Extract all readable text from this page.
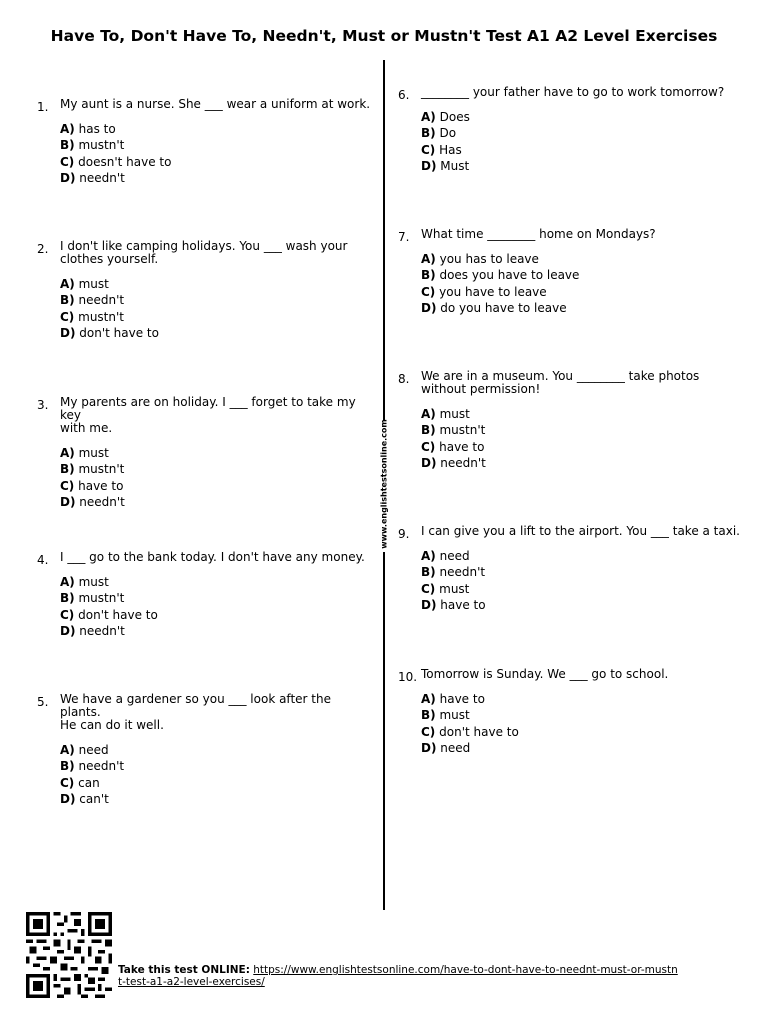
Have To, Don't Have To, Needn't, Must or Mustn't Test A1 A2 Level Exercises
www.englishtestsonline.com
1. My aunt is a nurse. She ___ wear a uniform at work.

A) has to

B) mustn't

C) doesn't have to

D) needn't

2. I don't like camping holidays. You ___ wash your
clothes yourself.

A) must

B) needn't

C) mustn't

D) don't have to

3. My parents are on holiday. I ___ forget to take my key
with me.

A) must

B) mustn't

C) have to

D) needn't

4. I ___ go to the bank today. I don't have any money.

A) must

B) mustn't

C) don't have to

D) needn't

5. We have a gardener so you ___ look after the plants.
He can do it well.

A) need

B) needn't

C) can

D) can't

6. ________ your father have to go to work tomorrow?

A) Does

B) Do

C) Has

D) Must

7. What time ________ home on Mondays?

A) you has to leave

B) does you have to leave

C) you have to leave

D) do you have to leave

8. We are in a museum. You ________ take photos
without permission!

A) must

B) mustn't

C) have to

D) needn't

9. I can give you a lift to the airport. You ___ take a taxi.

A) need

B) needn't

C) must

D) have to

10. Tomorrow is Sunday. We ___ go to school.

A) have to

B) must

C) don't have to

D) need

Take this test ONLINE: https://www.englishtestsonline.com/have-to-dont-have-to-neednt-must-or-mustnt-test-a1-a2-level-exercises/
